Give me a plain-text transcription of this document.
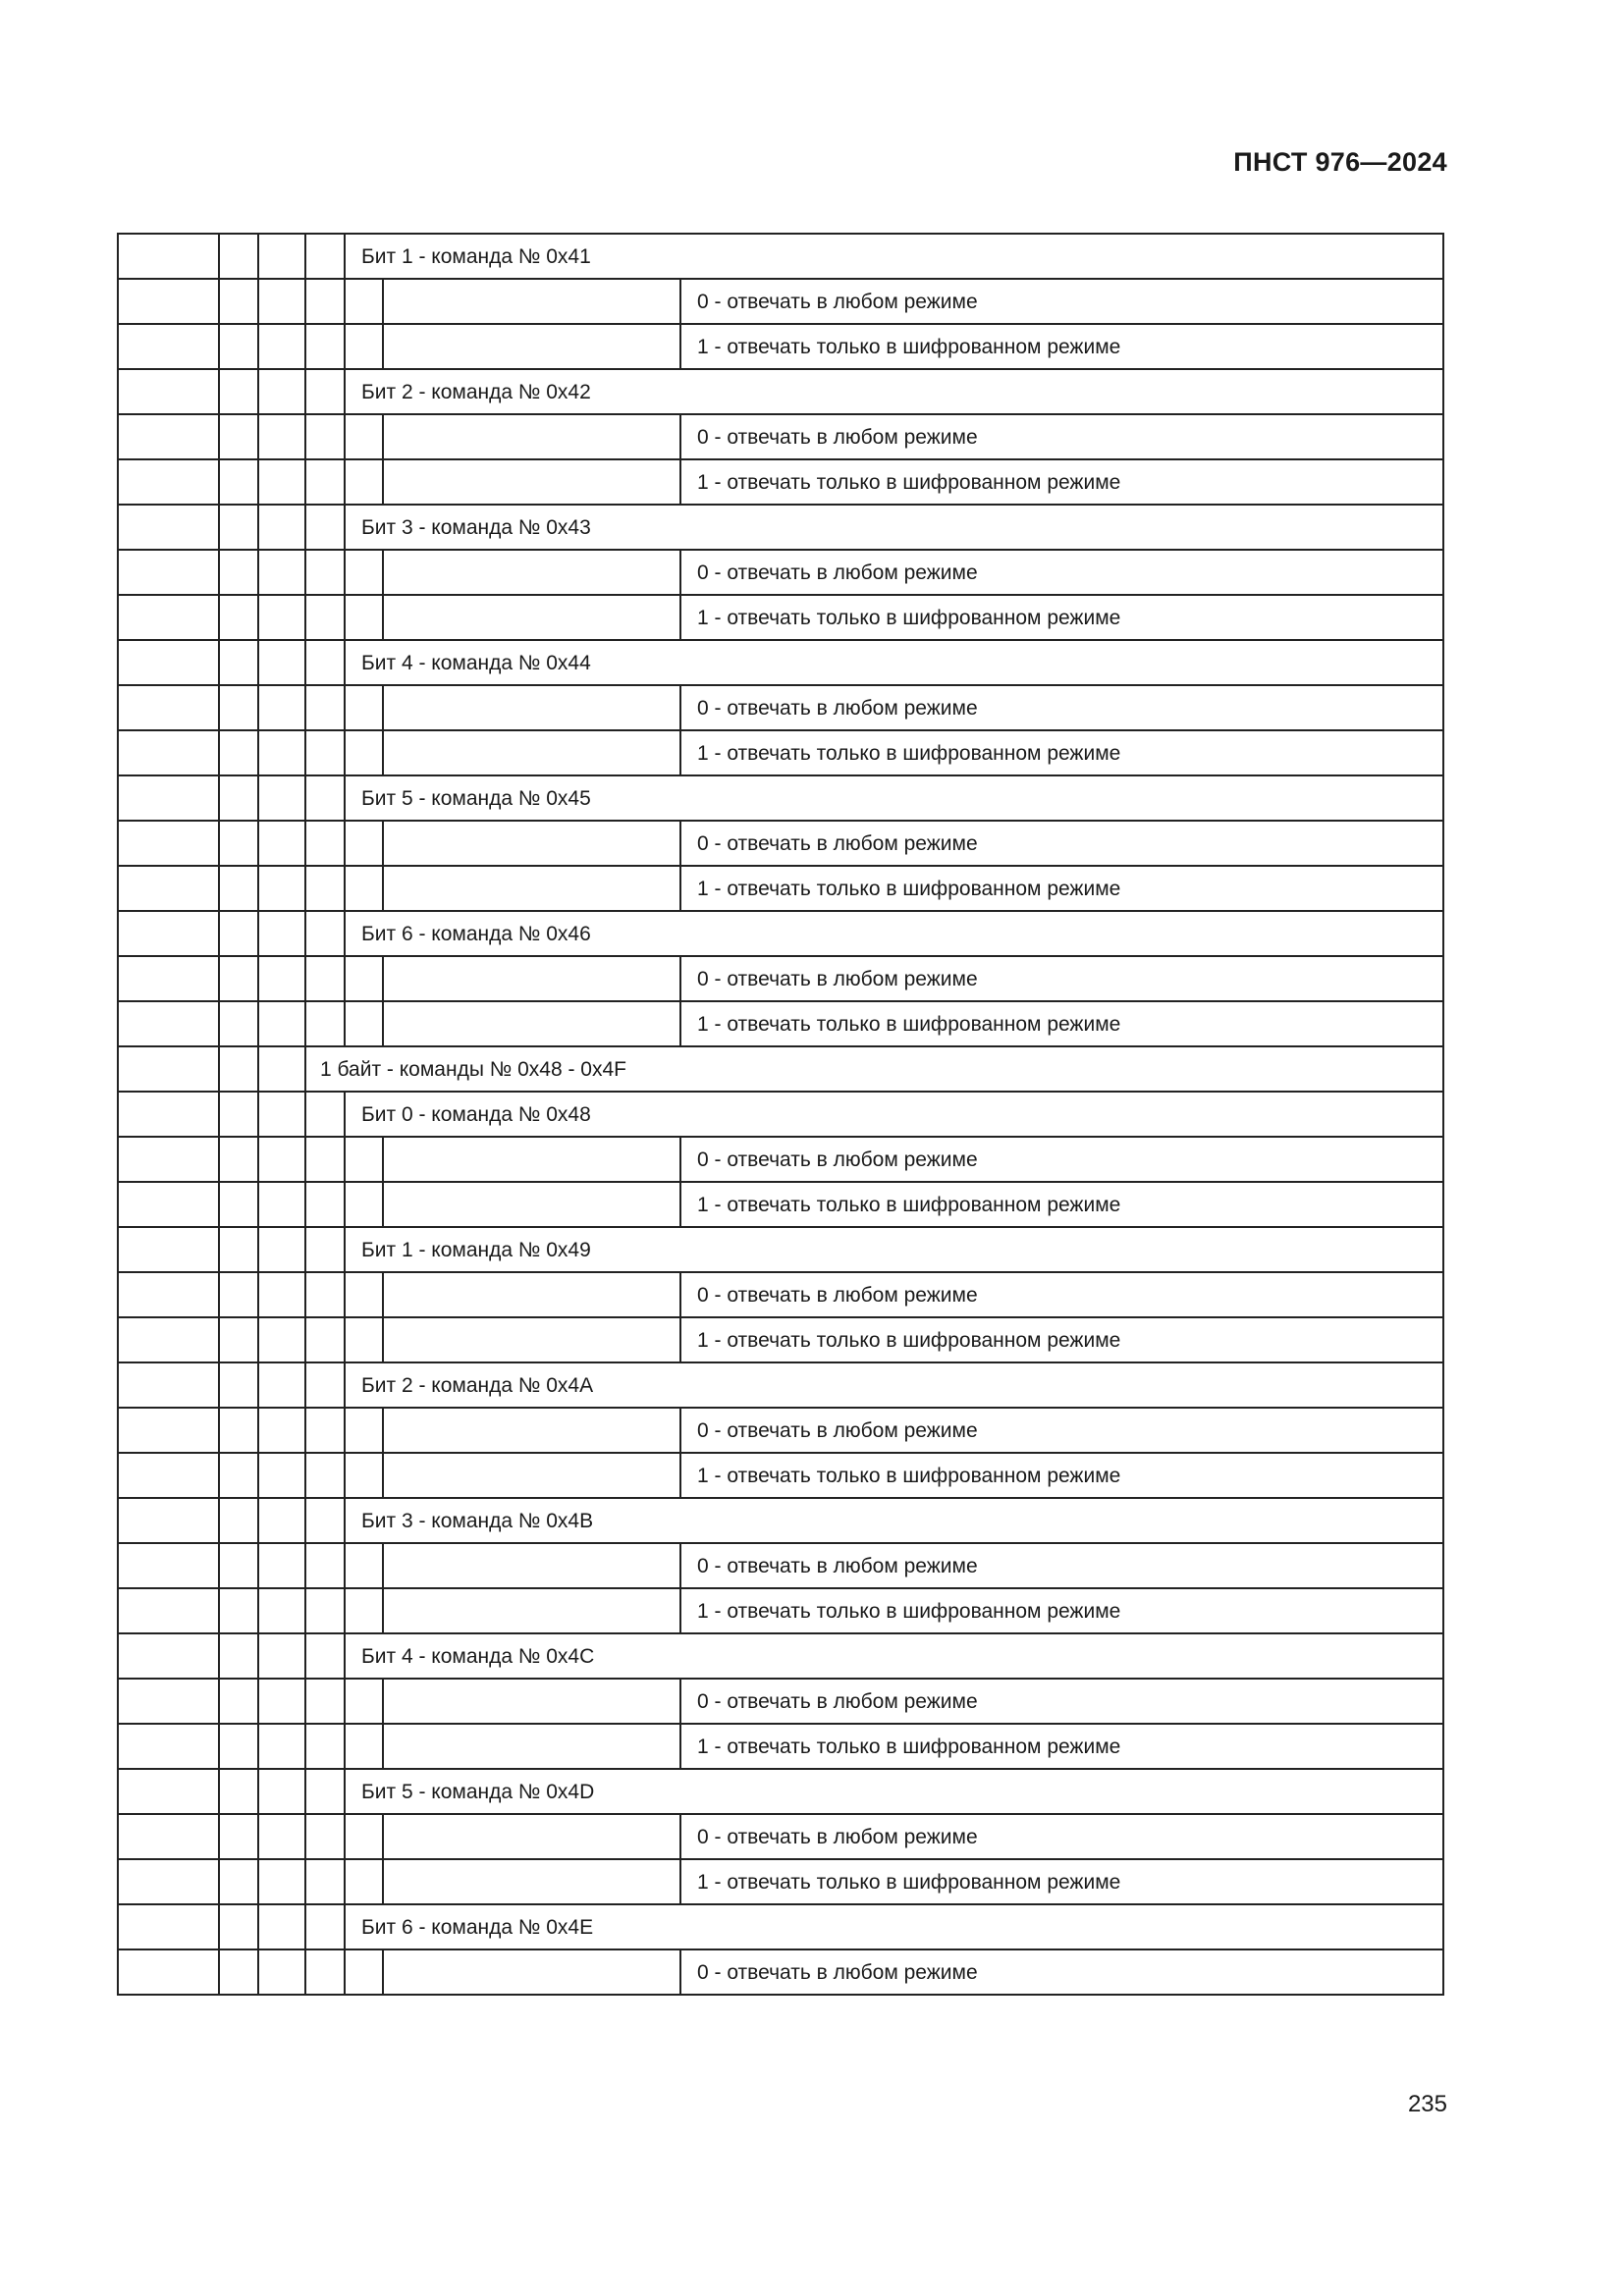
ПНСТ 976—2024
				Бит 1 - команда № 0x41		
						0 - отвечать в любом режиме
						1 - отвечать только в шифрованном режиме
				Бит 2 - команда № 0x42		
						0 - отвечать в любом режиме
						1 - отвечать только в шифрованном режиме
				Бит 3 - команда № 0x43		
						0 - отвечать в любом режиме
						1 - отвечать только в шифрованном режиме
				Бит 4 - команда № 0x44		
						0 - отвечать в любом режиме
						1 - отвечать только в шифрованном режиме
				Бит 5 - команда № 0x45		
						0 - отвечать в любом режиме
						1 - отвечать только в шифрованном режиме
				Бит 6 - команда № 0x46		
						0 - отвечать в любом режиме
						1 - отвечать только в шифрованном режиме
			1 байт - команды № 0x48 - 0x4F			
				Бит 0 - команда № 0x48		
						0 - отвечать в любом режиме
						1 - отвечать только в шифрованном режиме
				Бит 1 - команда № 0x49		
						0 - отвечать в любом режиме
						1 - отвечать только в шифрованном режиме
				Бит 2 - команда № 0x4A		
						0 - отвечать в любом режиме
						1 - отвечать только в шифрованном режиме
				Бит 3 - команда № 0x4B		
						0 - отвечать в любом режиме
						1 - отвечать только в шифрованном режиме
				Бит 4 - команда № 0x4C		
						0 - отвечать в любом режиме
						1 - отвечать только в шифрованном режиме
				Бит 5 - команда № 0x4D		
						0 - отвечать в любом режиме
						1 - отвечать только в шифрованном режиме
				Бит 6 - команда № 0x4E		
						0 - отвечать в любом режиме
235
